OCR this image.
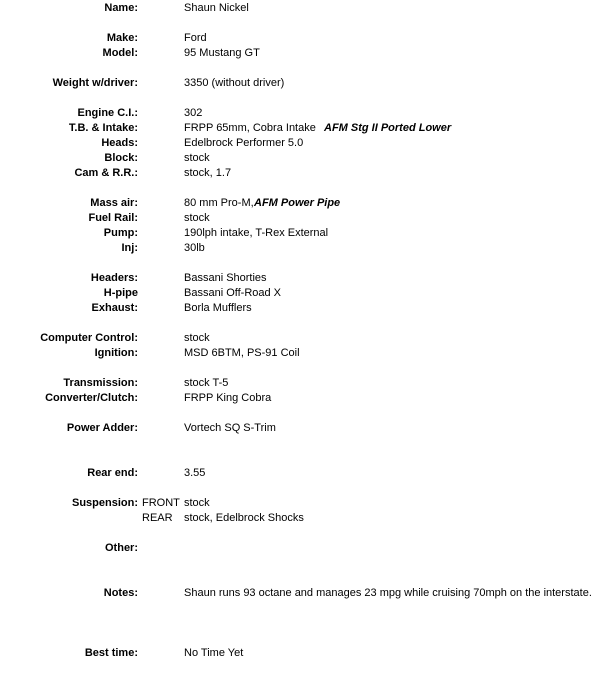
Name:	Shaun Nickel
Make:	Ford
Model:	95 Mustang GT
Weight w/driver:	3350 (without driver)
Engine C.I.:	302
T.B. & Intake:	FRPP 65mm, Cobra Intake AFM Stg II Ported Lower
Heads:	Edelbrock Performer 5.0
Block:	stock
Cam & R.R.:	stock, 1.7
Mass air:	80 mm Pro-M, AFM Power Pipe
Fuel Rail:	stock
Pump:	190lph intake, T-Rex External
Inj:	30lb
Headers:	Bassani Shorties
H-pipe	Bassani Off-Road X
Exhaust:	Borla Mufflers
Computer Control:	stock
Ignition:	MSD 6BTM, PS-91 Coil
Transmission:	stock T-5
Converter/Clutch:	FRPP King Cobra
Power Adder:	Vortech SQ S-Trim
Rear end:	3.55
Suspension: FRONT stock
REAR stock, Edelbrock Shocks
Other:
Notes:	Shaun runs 93 octane and manages 23 mpg while cruising 70mph on the interstate.
Best time:	No Time Yet
